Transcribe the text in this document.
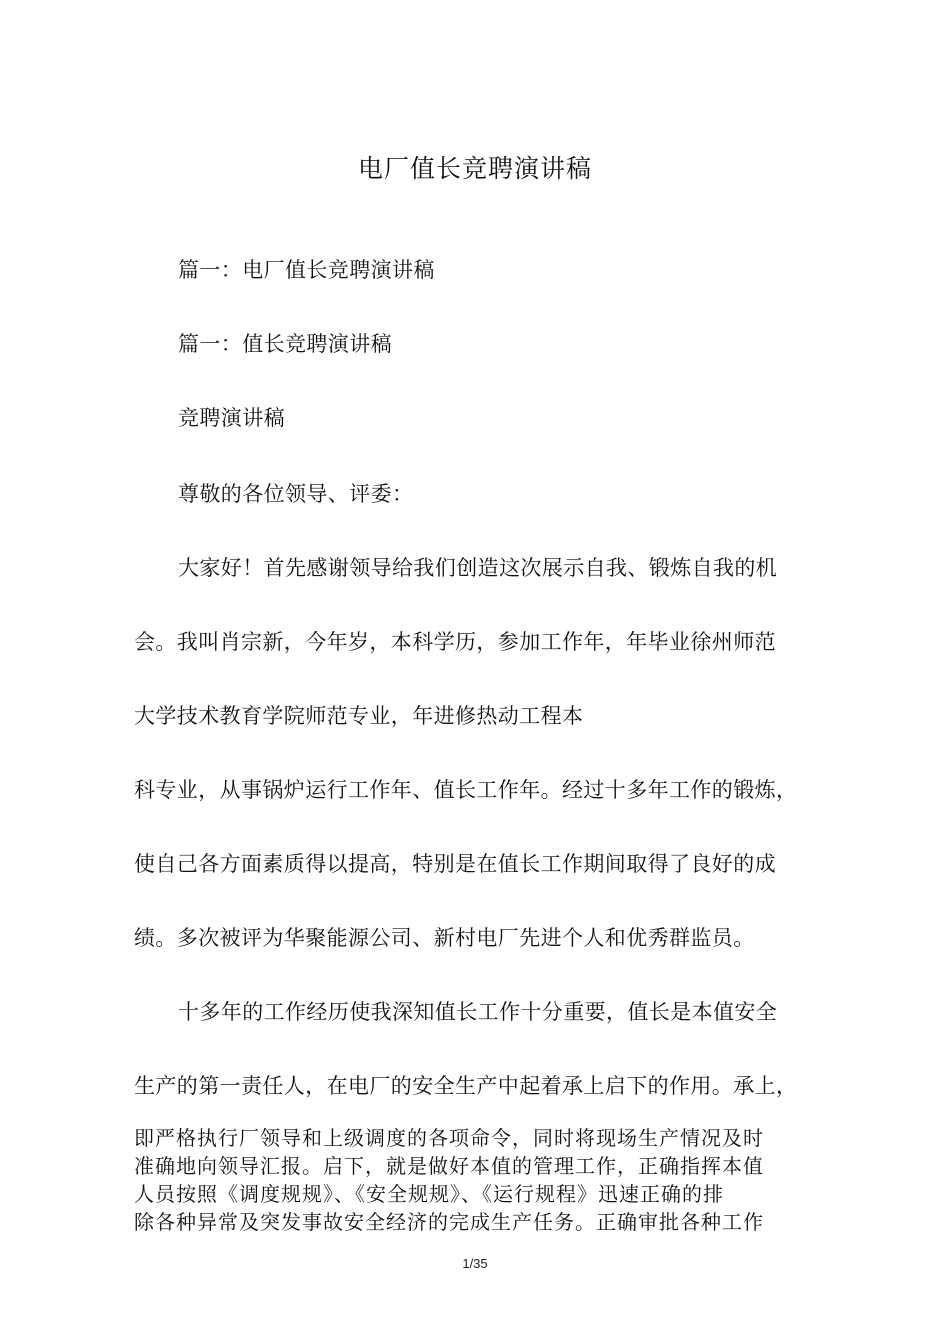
电厂值长竞聘演讲稿
篇一：电厂值长竞聘演讲稿
篇一：值长竞聘演讲稿
竞聘演讲稿
尊敬的各位领导、评委：
大家好！首先感谢领导给我们创造这次展示自我、锻炼自我的机
会。我叫肖宗新，今年岁，本科学历，参加工作年，年毕业徐州师范
大学技术教育学院师范专业，年进修热动工程本
科专业，从事锅炉运行工作年、值长工作年。经过十多年工作的锻炼，
使自己各方面素质得以提高，特别是在值长工作期间取得了良好的成
绩。多次被评为华聚能源公司、新村电厂先进个人和优秀群监员。
十多年的工作经历使我深知值长工作十分重要，值长是本值安全
生产的第一责任人，在电厂的安全生产中起着承上启下的作用。承上，
即严格执行厂领导和上级调度的各项命令，同时将现场生产情况及时
准确地向领导汇报。启下，就是做好本值的管理工作，正确指挥本值
人员按照《调度规规》、《安全规规》、《运行规程》迅速正确的排
除各种异常及突发事故安全经济的完成生产任务。正确审批各种工作
1/35
